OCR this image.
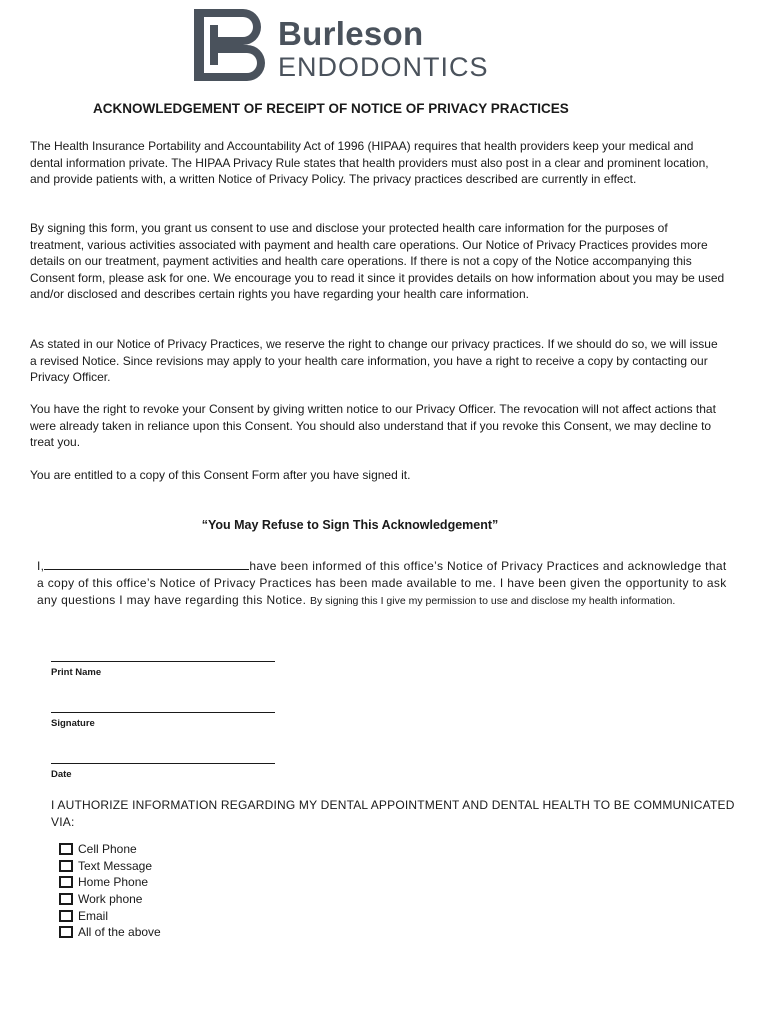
Burleson
ENDODONTICS
ACKNOWLEDGEMENT OF RECEIPT OF NOTICE OF PRIVACY PRACTICES

The Health Insurance Portability and Accountability Act of 1996 (HIPAA) requires that health providers keep your medical and dental information private. The HIPAA Privacy Rule states that health providers must also post in a clear and prominent location, and provide patients with, a written Notice of Privacy Policy. The privacy practices described are currently in effect.

By signing this form, you grant us consent to use and disclose your protected health care information for the purposes of treatment, various activities associated with payment and health care operations. Our Notice of Privacy Practices provides more details on our treatment, payment activities and health care operations. If there is not a copy of the Notice accompanying this Consent form, please ask for one. We encourage you to read it since it provides details on how information about you may be used and/or disclosed and describes certain rights you have regarding your health care information.

As stated in our Notice of Privacy Practices, we reserve the right to change our privacy practices. If we should do so, we will issue a revised Notice. Since revisions may apply to your health care information, you have a right to receive a copy by contacting our Privacy Officer.

You have the right to revoke your Consent by giving written notice to our Privacy Officer. The revocation will not affect actions that were already taken in reliance upon this Consent. You should also understand that if you revoke this Consent, we may decline to treat you.

You are entitled to a copy of this Consent Form after you have signed it.

“You May Refuse to Sign This Acknowledgement”
I,	have been informed of this office’s Notice of Privacy Practices and acknowledge that a copy of this office’s Notice of Privacy Practices has been made available to me. I have been given the opportunity to ask any questions I may have regarding this Notice. By signing this I give my permission to use and disclose my health information.
Print Name
Signature
Date
I AUTHORIZE INFORMATION REGARDING MY DENTAL APPOINTMENT AND DENTAL HEALTH TO BE COMMUNICATED VIA:
Cell Phone
Text Message
Home Phone
Work phone
Email
All of the above
